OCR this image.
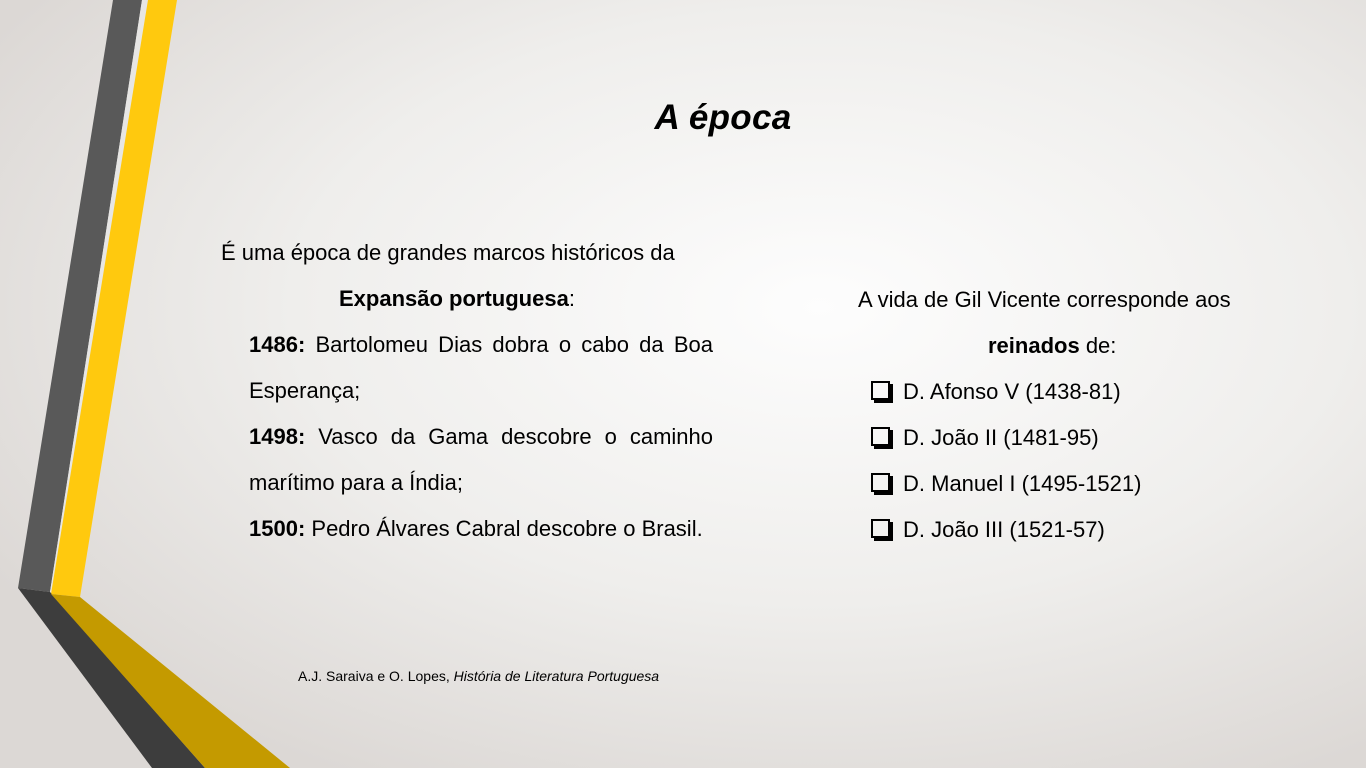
A época
É uma época de grandes marcos históricos da
Expansão portuguesa:
1486: Bartolomeu Dias dobra o cabo da Boa Esperança;
1498: Vasco da Gama descobre o caminho marítimo para a Índia;
1500: Pedro Álvares Cabral descobre o Brasil.
A vida de Gil Vicente corresponde aos
reinados de:
D. Afonso V (1438-81)
D. João II (1481-95)
D. Manuel I (1495-1521)
D. João III (1521-57)
A.J. Saraiva e O. Lopes, História de Literatura Portuguesa
